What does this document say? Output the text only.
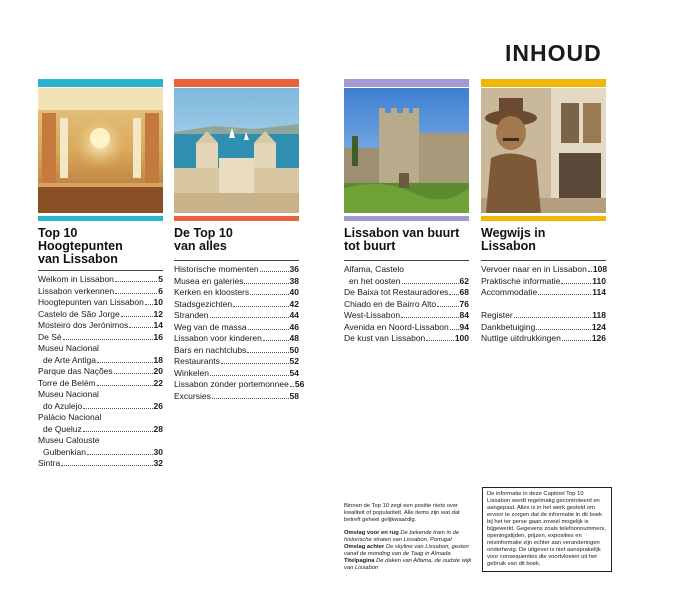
INHOUD
Top 10
Hoogtepunten
van Lissabon
Welkom in Lissabon	5
Lissabon verkennen	6
Hoogtepunten van Lissabon 10
Castelo de São Jorge	12
Mosteiro dos Jerónimos	14
De Sé	16
Museu Nacional
de Arte Antiga	18
Parque das Nações	20
Torre de Belém	22
Museu Nacional
do Azulejo	26
Palácio Nacional
de Queluz	28
Museu Calouste
Gulbenkian	30
Sintra	32
De Top 10
van alles
Historische momenten	36
Musea en galeries	38
Kerken en kloosters	40
Stadsgezichten	42
Stranden	44
Weg van de massa	46
Lissabon voor kinderen	48
Bars en nachtclubs	50
Restaurants	52
Winkelen	54
Lissabon zonder portemonnee 56
Excursies	58
Lissabon van buurt
tot buurt
Alfama, Castelo
en het oosten	62
De Baixa tot Restauradores 68
Chiado en de Bairro Alto	76
West-Lissabon	84
Avenida en Noord-Lissabon 94
De kust van Lissabon	100
Wegwijs in
Lissabon
Vervoer naar en in Lissabon 108
Praktische informatie	110
Accommodatie	114
Register	118
Dankbetuiging	124
Nuttige uitdrukkingen	126

Binnen de Top 10 zegt een positie niets over kwaliteit of populariteit. Alle items zijn wat dat betreft geheel gelijkwaardig.

Omslag voor en rug De bekende tram in de historische straten van Lissabon, Portugal
Omslag achter De skyline van Lissabon, gezien vanaf de monding van de Taag in Almada
Titelpagina De daken van Alfama, de oudste wijk van Lissabon

De informatie in deze Capitool Top 10 Lissabon wordt regelmatig gecontroleerd en aangepast. Alles is in het werk gesteld om ervoor te zorgen dat de informatie in dit boek bij het ter perse gaan zoveel mogelijk is bijgewerkt. Gegevens zoals telefoonnummers, openingstijden, prijzen, exposities en reisinformatie zijn echter aan veranderingen onderhevig. De uitgever is niet aansprakelijk voor consequenties die voortvloeien uit het gebruik van dit boek.
